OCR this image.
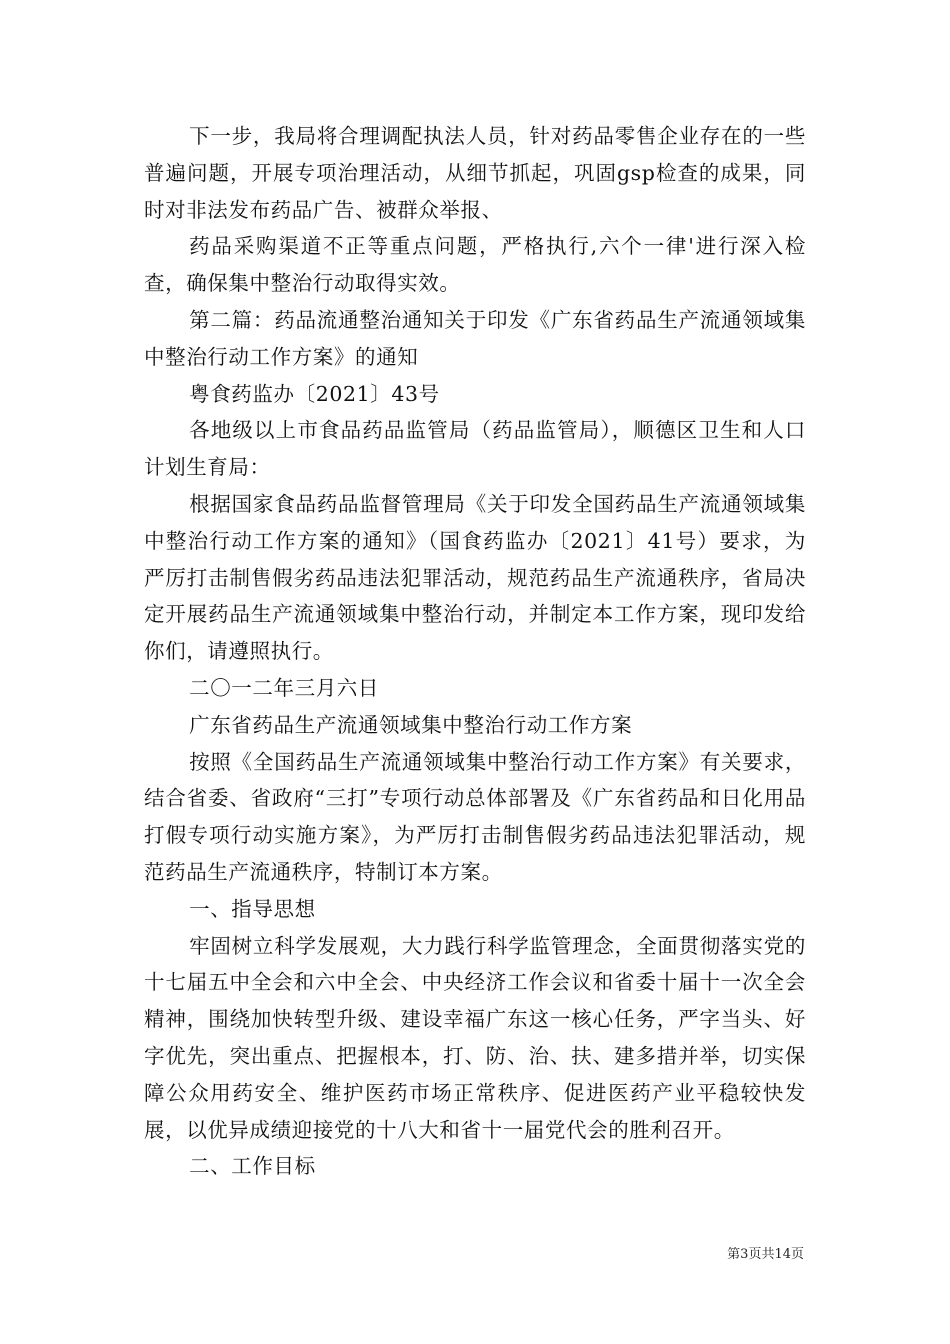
下一步，我局将合理调配执法人员，针对药品零售企业存在的一些普遍问题，开展专项治理活动，从细节抓起，巩固gsp检查的成果，同时对非法发布药品广告、被群众举报、

药品采购渠道不正等重点问题，严格执行,六个一律'进行深入检查，确保集中整治行动取得实效。

第二篇：药品流通整治通知关于印发《广东省药品生产流通领域集中整治行动工作方案》的通知

粤食药监办〔2021〕43号

各地级以上市食品药品监管局（药品监管局），顺德区卫生和人口计划生育局：

根据国家食品药品监督管理局《关于印发全国药品生产流通领域集中整治行动工作方案的通知》（国食药监办〔2021〕41号）要求，为严厉打击制售假劣药品违法犯罪活动，规范药品生产流通秩序，省局决定开展药品生产流通领域集中整治行动，并制定本工作方案，现印发给你们，请遵照执行。

二〇一二年三月六日

广东省药品生产流通领域集中整治行动工作方案

按照《全国药品生产流通领域集中整治行动工作方案》有关要求，结合省委、省政府“三打”专项行动总体部署及《广东省药品和日化用品打假专项行动实施方案》，为严厉打击制售假劣药品违法犯罪活动，规范药品生产流通秩序，特制订本方案。

一、指导思想

牢固树立科学发展观，大力践行科学监管理念，全面贯彻落实党的十七届五中全会和六中全会、中央经济工作会议和省委十届十一次全会精神，围绕加快转型升级、建设幸福广东这一核心任务，严字当头、好字优先，突出重点、把握根本，打、防、治、扶、建多措并举，切实保障公众用药安全、维护医药市场正常秩序、促进医药产业平稳较快发展，以优异成绩迎接党的十八大和省十一届党代会的胜利召开。

二、工作目标

第3页共14页
